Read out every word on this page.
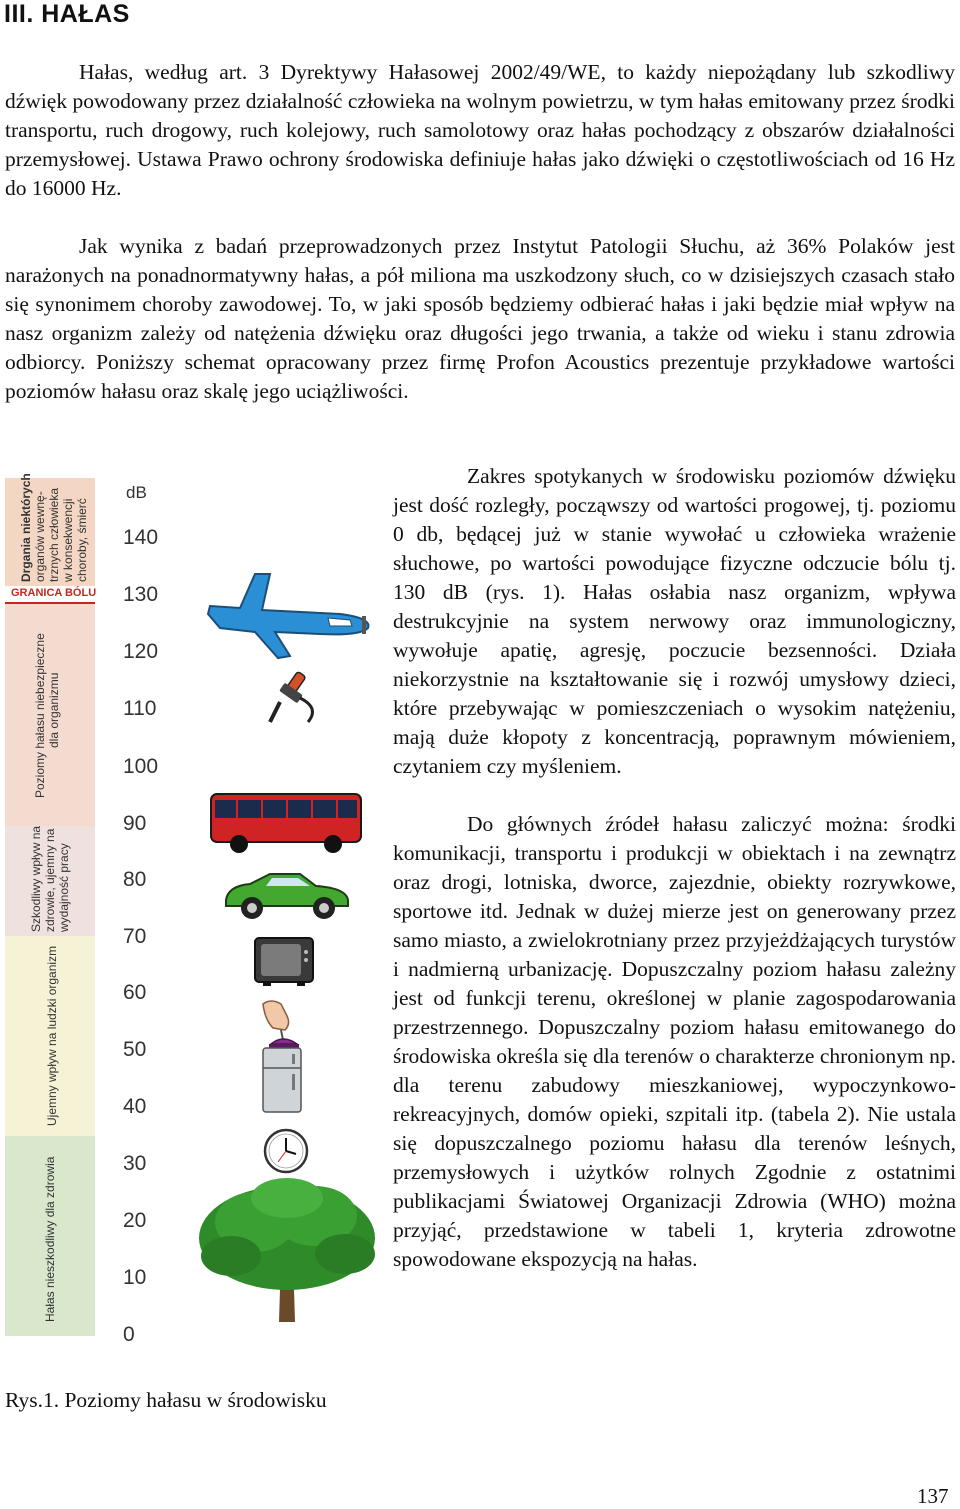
III. HAŁAS

Hałas, według art. 3 Dyrektywy Hałasowej 2002/49/WE, to każdy niepożądany lub szkodliwy dźwięk powodowany przez działalność człowieka na wolnym powietrzu, w tym hałas emitowany przez środki transportu, ruch drogowy, ruch kolejowy, ruch samolotowy oraz hałas pochodzący z obszarów działalności przemysłowej. Ustawa Prawo ochrony środowiska definiuje hałas jako dźwięki o częstotliwościach od 16 Hz do 16000 Hz.

Jak wynika z badań przeprowadzonych przez Instytut Patologii Słuchu, aż 36% Polaków jest narażonych na ponadnormatywny hałas, a pół miliona ma uszkodzony słuch, co w dzisiejszych czasach stało się synonimem choroby zawodowej. To, w jaki sposób będziemy odbierać hałas i jaki będzie miał wpływ na nasz organizm zależy od natężenia dźwięku oraz długości jego trwania, a także od wieku i stanu zdrowia odbiorcy. Poniższy schemat opracowany przez firmę Profon Acoustics prezentuje przykładowe wartości poziomów hałasu oraz skalę jego uciążliwości.

Drgania niektórych organów wewnę- trznych człowieka w konsekwencji choroby, śmierć
GRANICA BÓLU
Poziomy hałasu niebezpieczne dla organizmu
Szkodliwy wpływ na zdrowie, ujemny na wydajność pracy
Ujemny wpływ na ludzki organizm
Hałas nieszkodliwy dla zdrowia
dB
140
130
120
110
100
90
80
70
60
50
40
30
20
10
0

Zakres spotykanych w środowisku poziomów dźwięku jest dość rozległy, począwszy od wartości progowej, tj. poziomu 0 db, będącej już w stanie wywołać u człowieka wrażenie słuchowe, po wartości powodujące fizyczne odczucie bólu tj. 130 dB (rys. 1). Hałas osłabia nasz organizm, wpływa destrukcyjnie na system nerwowy oraz immunologiczny, wywołuje apatię, agresję, poczucie bezsenności. Działa niekorzystnie na kształtowanie się i rozwój umysłowy dzieci, które przebywając w pomieszczeniach o wysokim natężeniu, mają duże kłopoty z koncentracją, poprawnym mówieniem, czytaniem czy myśleniem.

Do głównych źródeł hałasu zaliczyć można: środki komunikacji, transportu i produkcji w obiektach i na zewnątrz oraz drogi, lotniska, dworce, zajezdnie, obiekty rozrywkowe, sportowe itd. Jednak w dużej mierze jest on generowany przez samo miasto, a zwielokrotniany przez przyjeżdżających turystów i nadmierną urbanizację. Dopuszczalny poziom hałasu zależny jest od funkcji terenu, określonej w planie zagospodarowania przestrzennego. Dopuszczalny poziom hałasu emitowanego do środowiska określa się dla terenów o charakterze chronionym np. dla terenu zabudowy mieszkaniowej, wypoczynkowo-rekreacyjnych, domów opieki, szpitali itp. (tabela 2). Nie ustala się dopuszczalnego poziomu hałasu dla terenów leśnych, przemysłowych i użytków rolnych Zgodnie z ostatnimi publikacjami Światowej Organizacji Zdrowia (WHO) można przyjąć, przedstawione w tabeli 1, kryteria zdrowotne spowodowane ekspozycją na hałas.

Rys.1. Poziomy hałasu w środowisku
137
